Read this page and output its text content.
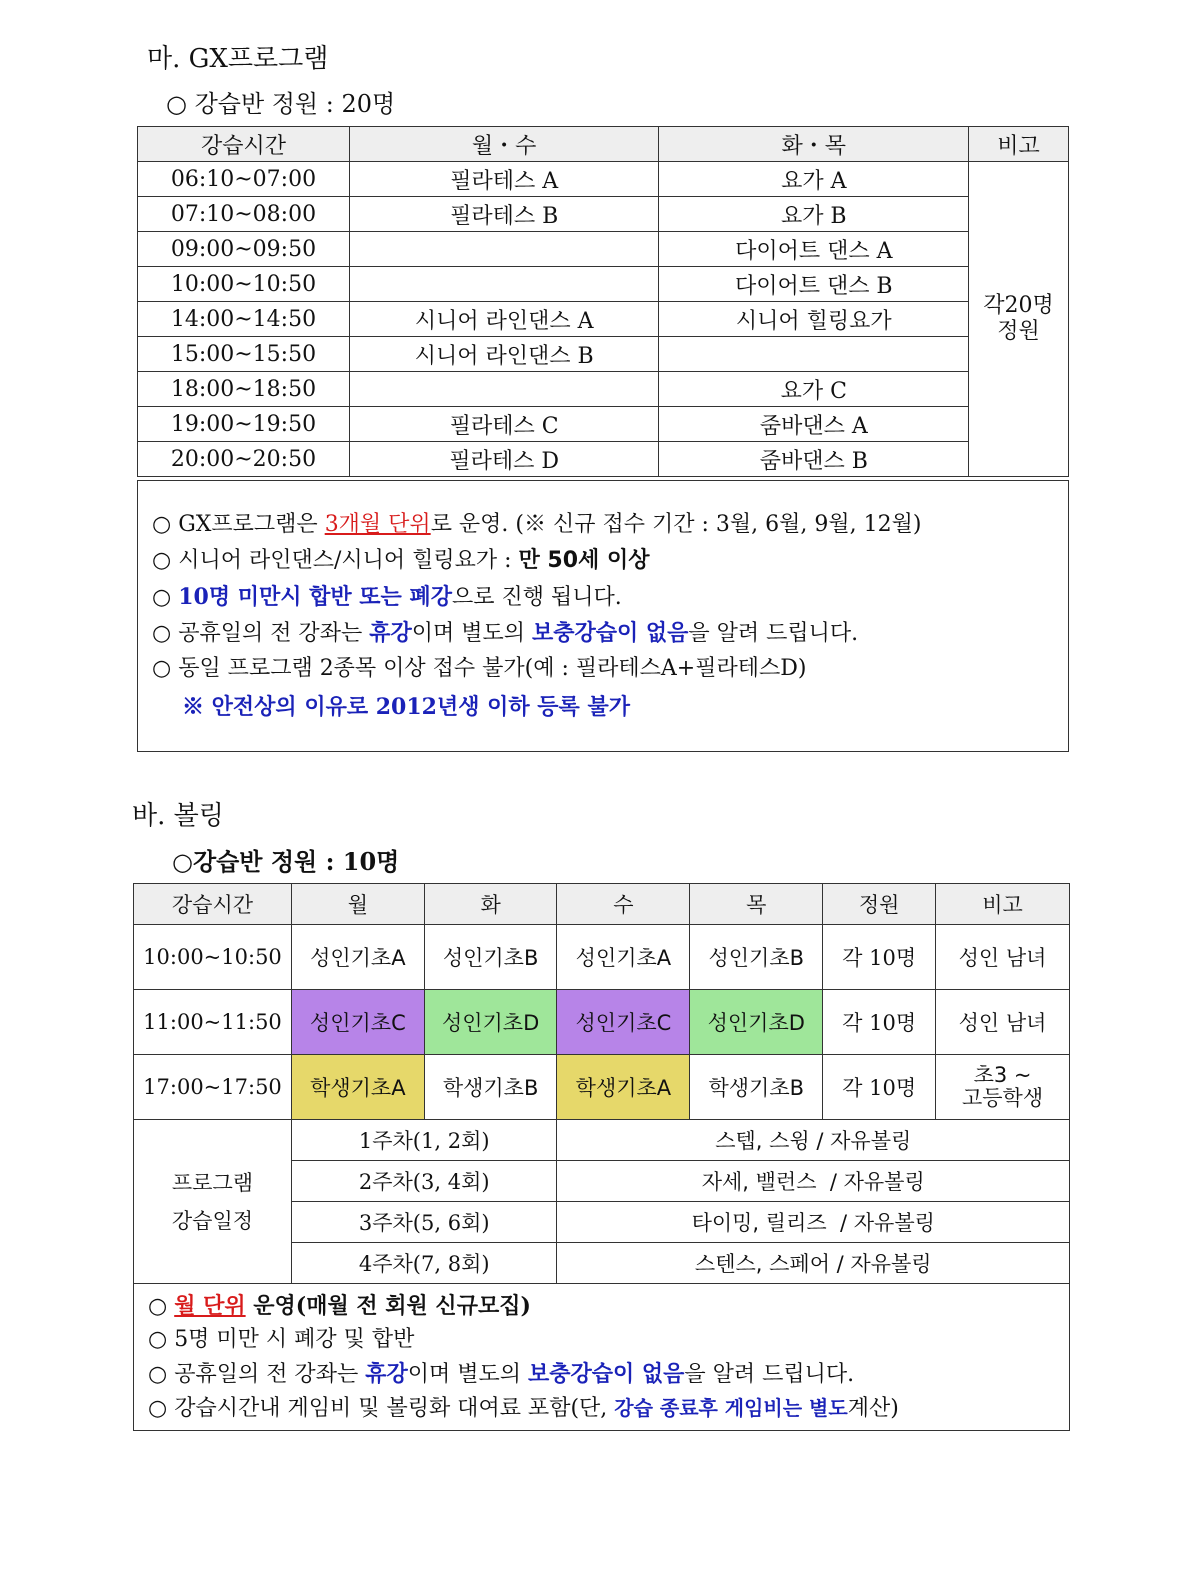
마. GX프로그램
○ 강습반 정원 : 20명
강습시간	월・수	화・목	비고
06:10~07:00	필라테스 A	요가 A	각20명
정원

07:10~08:00	필라테스 B	요가 B	
09:00~09:50		다이어트 댄스 A	
10:00~10:50		다이어트 댄스 B	
14:00~14:50	시니어 라인댄스 A	시니어 힐링요가	
15:00~15:50	시니어 라인댄스 B		
18:00~18:50		요가 C	
19:00~19:50	필라테스 C	줌바댄스 A	
20:00~20:50	필라테스 D	줌바댄스 B	
○ GX프로그램은 3개월 단위로 운영. (※ 신규 접수 기간 : 3월, 6월, 9월, 12월)
○ 시니어 라인댄스/시니어 힐링요가 : 만 50세 이상
○ 10명 미만시 합반 또는 폐강으로 진행 됩니다.
○ 공휴일의 전 강좌는 휴강이며 별도의 보충강습이 없음을 알려 드립니다.
○ 동일 프로그램 2종목 이상 접수 불가(예 : 필라테스A+필라테스D)
※ 안전상의 이유로 2012년생 이하 등록 불가
바. 볼링
○강습반 정원 : 10명
강습시간	월	화	수	목	정원	비고
10:00~10:50	성인기초A	성인기초B	성인기초A	성인기초B	각 10명	성인 남녀
11:00~11:50	성인기초C	성인기초D	성인기초C	성인기초D	각 10명	성인 남녀
17:00~17:50	학생기초A	학생기초B	학생기초A	학생기초B	각 10명	초3 ~
고등학생

프로그램
강습일정	1주차(1, 2회)		스텝, 스윙 / 자유볼링			
	2주차(3, 4회)		자세, 밸런스  / 자유볼링			
	3주차(5, 6회)		타이밍, 릴리즈  / 자유볼링			
	4주차(7, 8회)		스텐스, 스페어 / 자유볼링			
○ 월 단위 운영(매월 전 회원 신규모집)
○ 5명 미만 시 폐강 및 합반
○ 공휴일의 전 강좌는 휴강이며 별도의 보충강습이 없음을 알려 드립니다.
○ 강습시간내 게임비 및 볼링화 대여료 포함(단, 강습 종료후 게임비는 별도계산)
